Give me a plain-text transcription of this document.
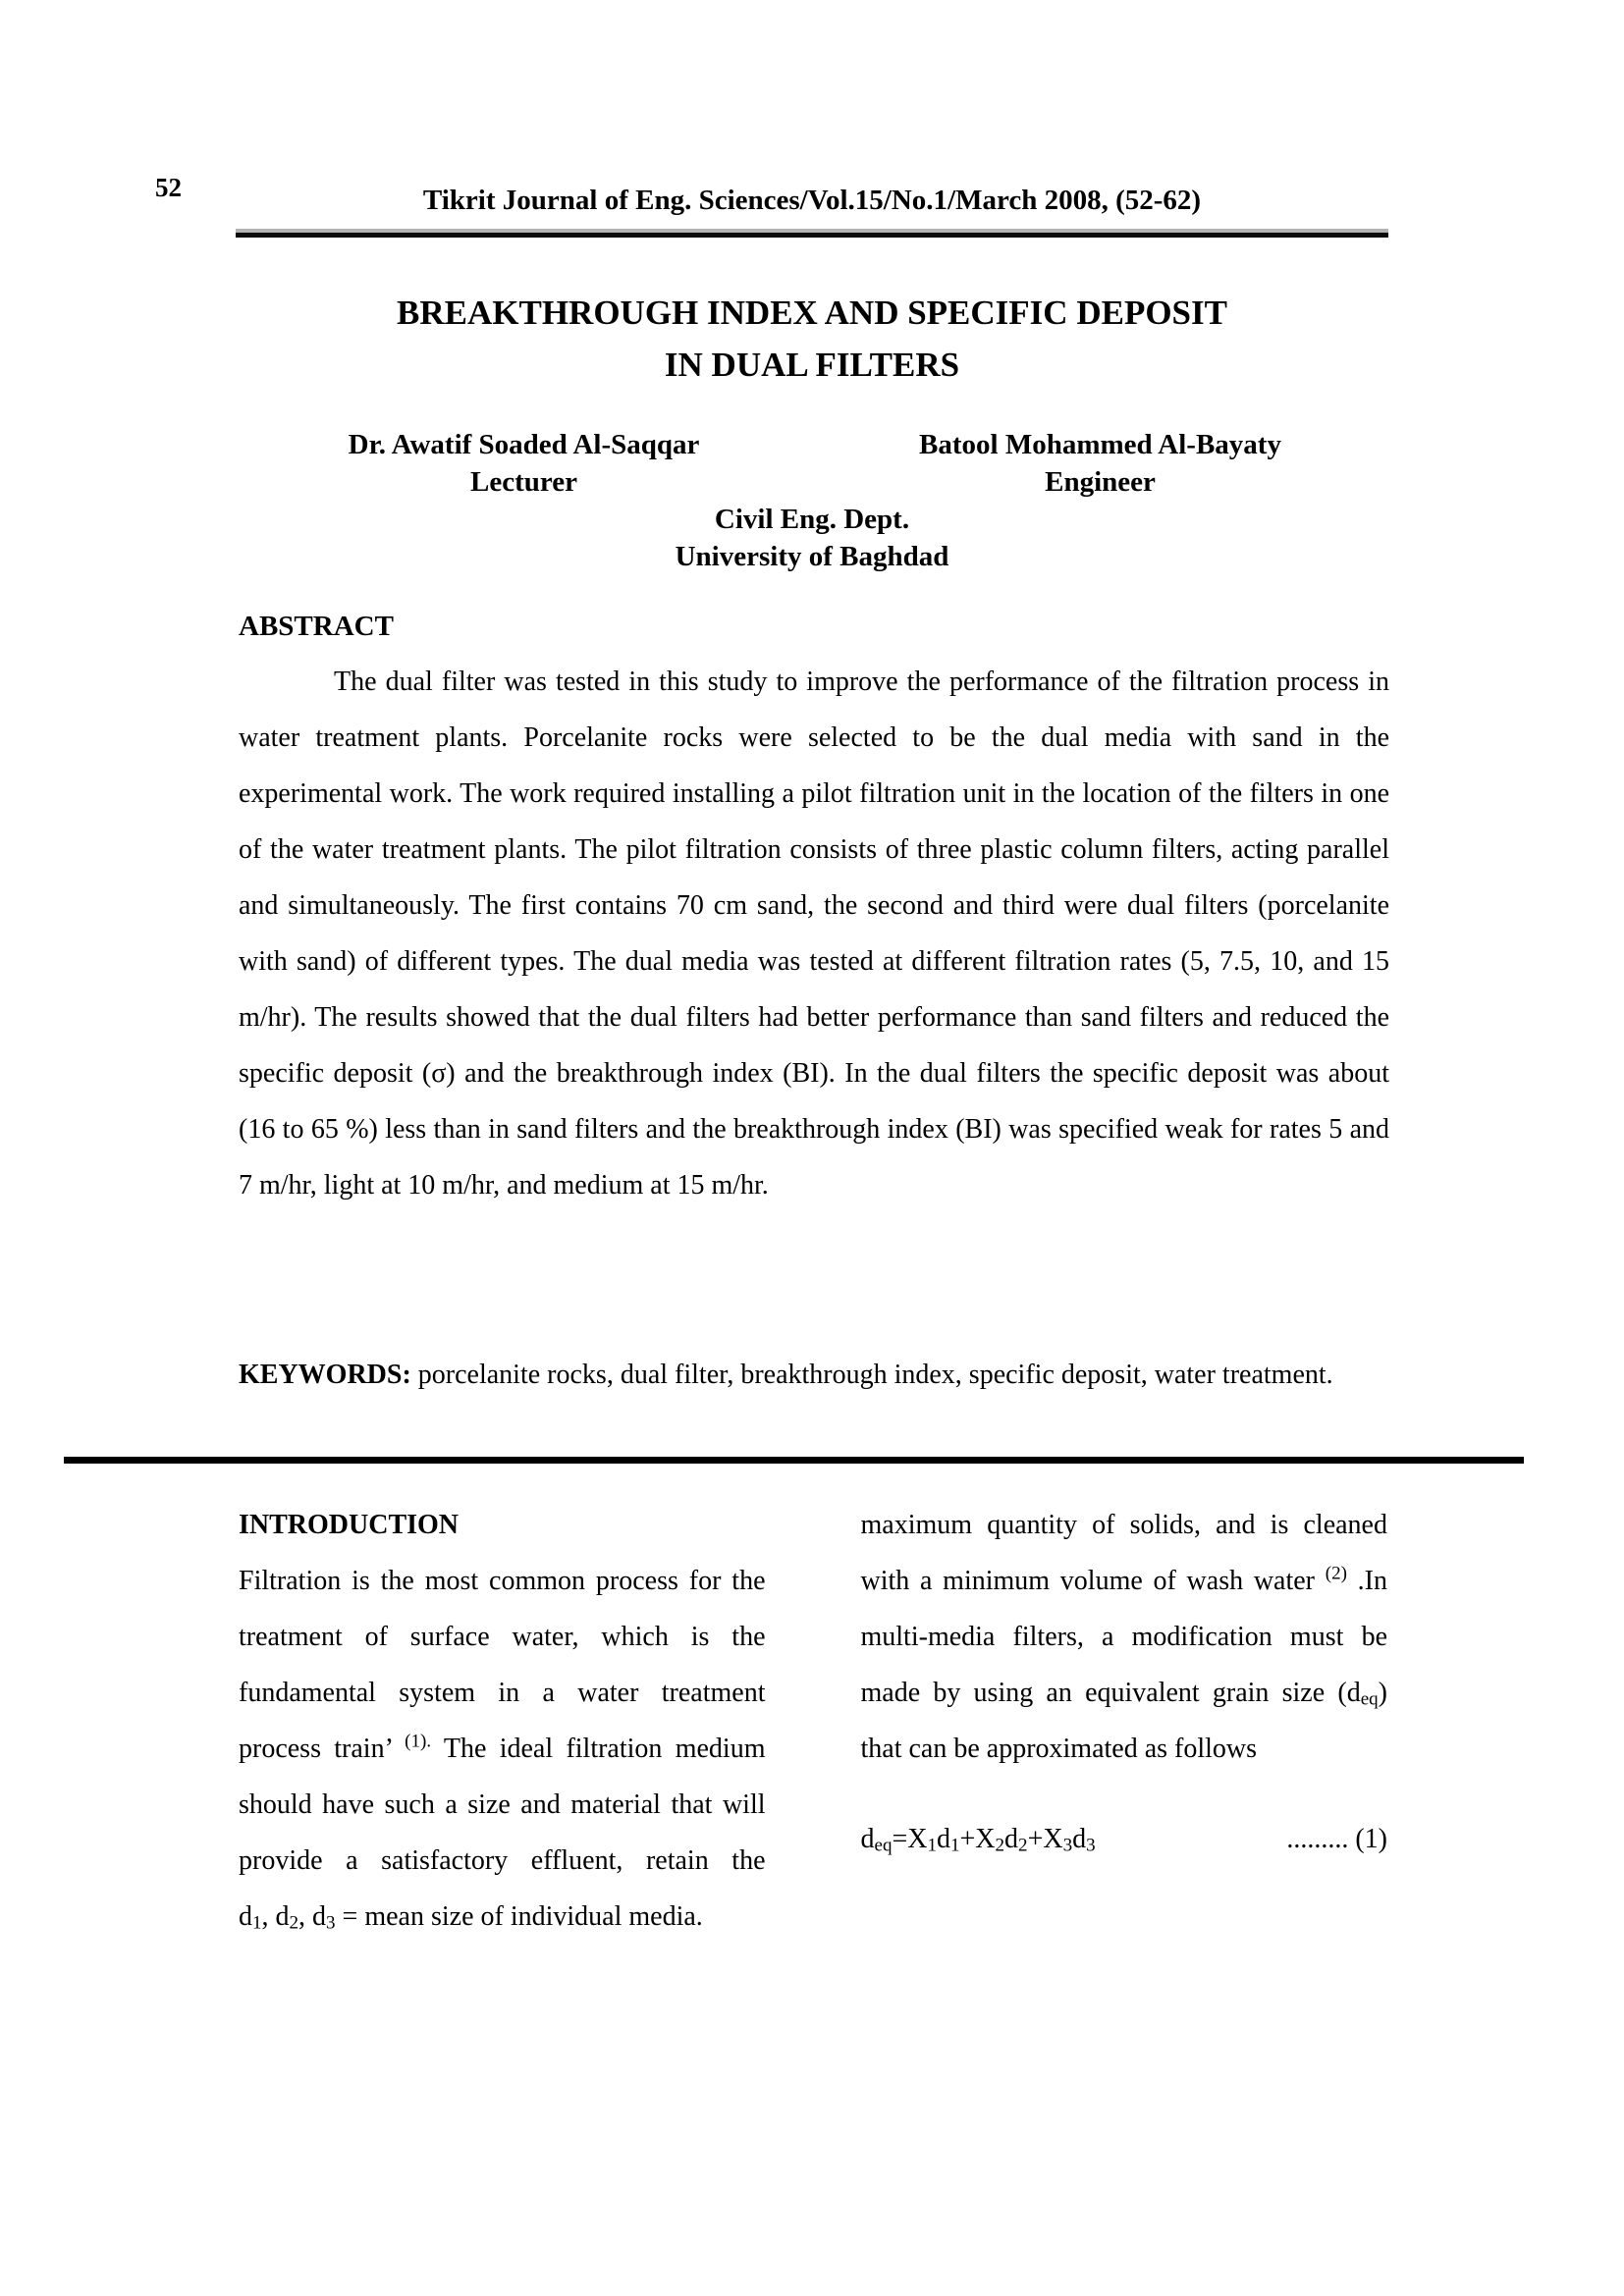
52	Tikrit Journal of Eng. Sciences/Vol.15/No.1/March 2008, (52-62)
BREAKTHROUGH INDEX AND SPECIFIC DEPOSIT
IN DUAL FILTERS
Dr. Awatif Soaded Al-Saqqar
Lecturer
Batool Mohammed Al-Bayaty
Engineer
Civil Eng. Dept.
University of Baghdad
ABSTRACT

The dual filter was tested in this study to improve the performance of the filtration process in water treatment plants. Porcelanite rocks were selected to be the dual media with sand in the experimental work. The work required installing a pilot filtration unit in the location of the filters in one of the water treatment plants. The pilot filtration consists of three plastic column filters, acting parallel and simultaneously. The first contains 70 cm sand, the second and third were dual filters (porcelanite with sand) of different types. The dual media was tested at different filtration rates (5, 7.5, 10, and 15 m/hr). The results showed that the dual filters had better performance than sand filters and reduced the specific deposit (σ) and the breakthrough index (BI). In the dual filters the specific deposit was about (16 to 65 %) less than in sand filters and the breakthrough index (BI) was specified weak for rates 5 and 7 m/hr, light at 10 m/hr, and medium at 15 m/hr.

KEYWORDS: porcelanite rocks, dual filter, breakthrough index, specific deposit, water treatment.

INTRODUCTION

Filtration is the most common process for the treatment of surface water, which is the fundamental system in a water treatment process train’ $^{(1).}$ The ideal filtration medium should have such a size and material that will provide a satisfactory effluent, retain the

$d_1$, $d_2$, $d_3$ = mean size of individual media.

maximum quantity of solids, and is cleaned with a minimum volume of wash water $^{(2)}$ .In multi-media filters, a modification must be made by using an equivalent grain size $(d_{eq})$ that can be approximated as follows

$d_{eq}=X_1d_1+X_2d_2+X_3d_3$	......... (1)
